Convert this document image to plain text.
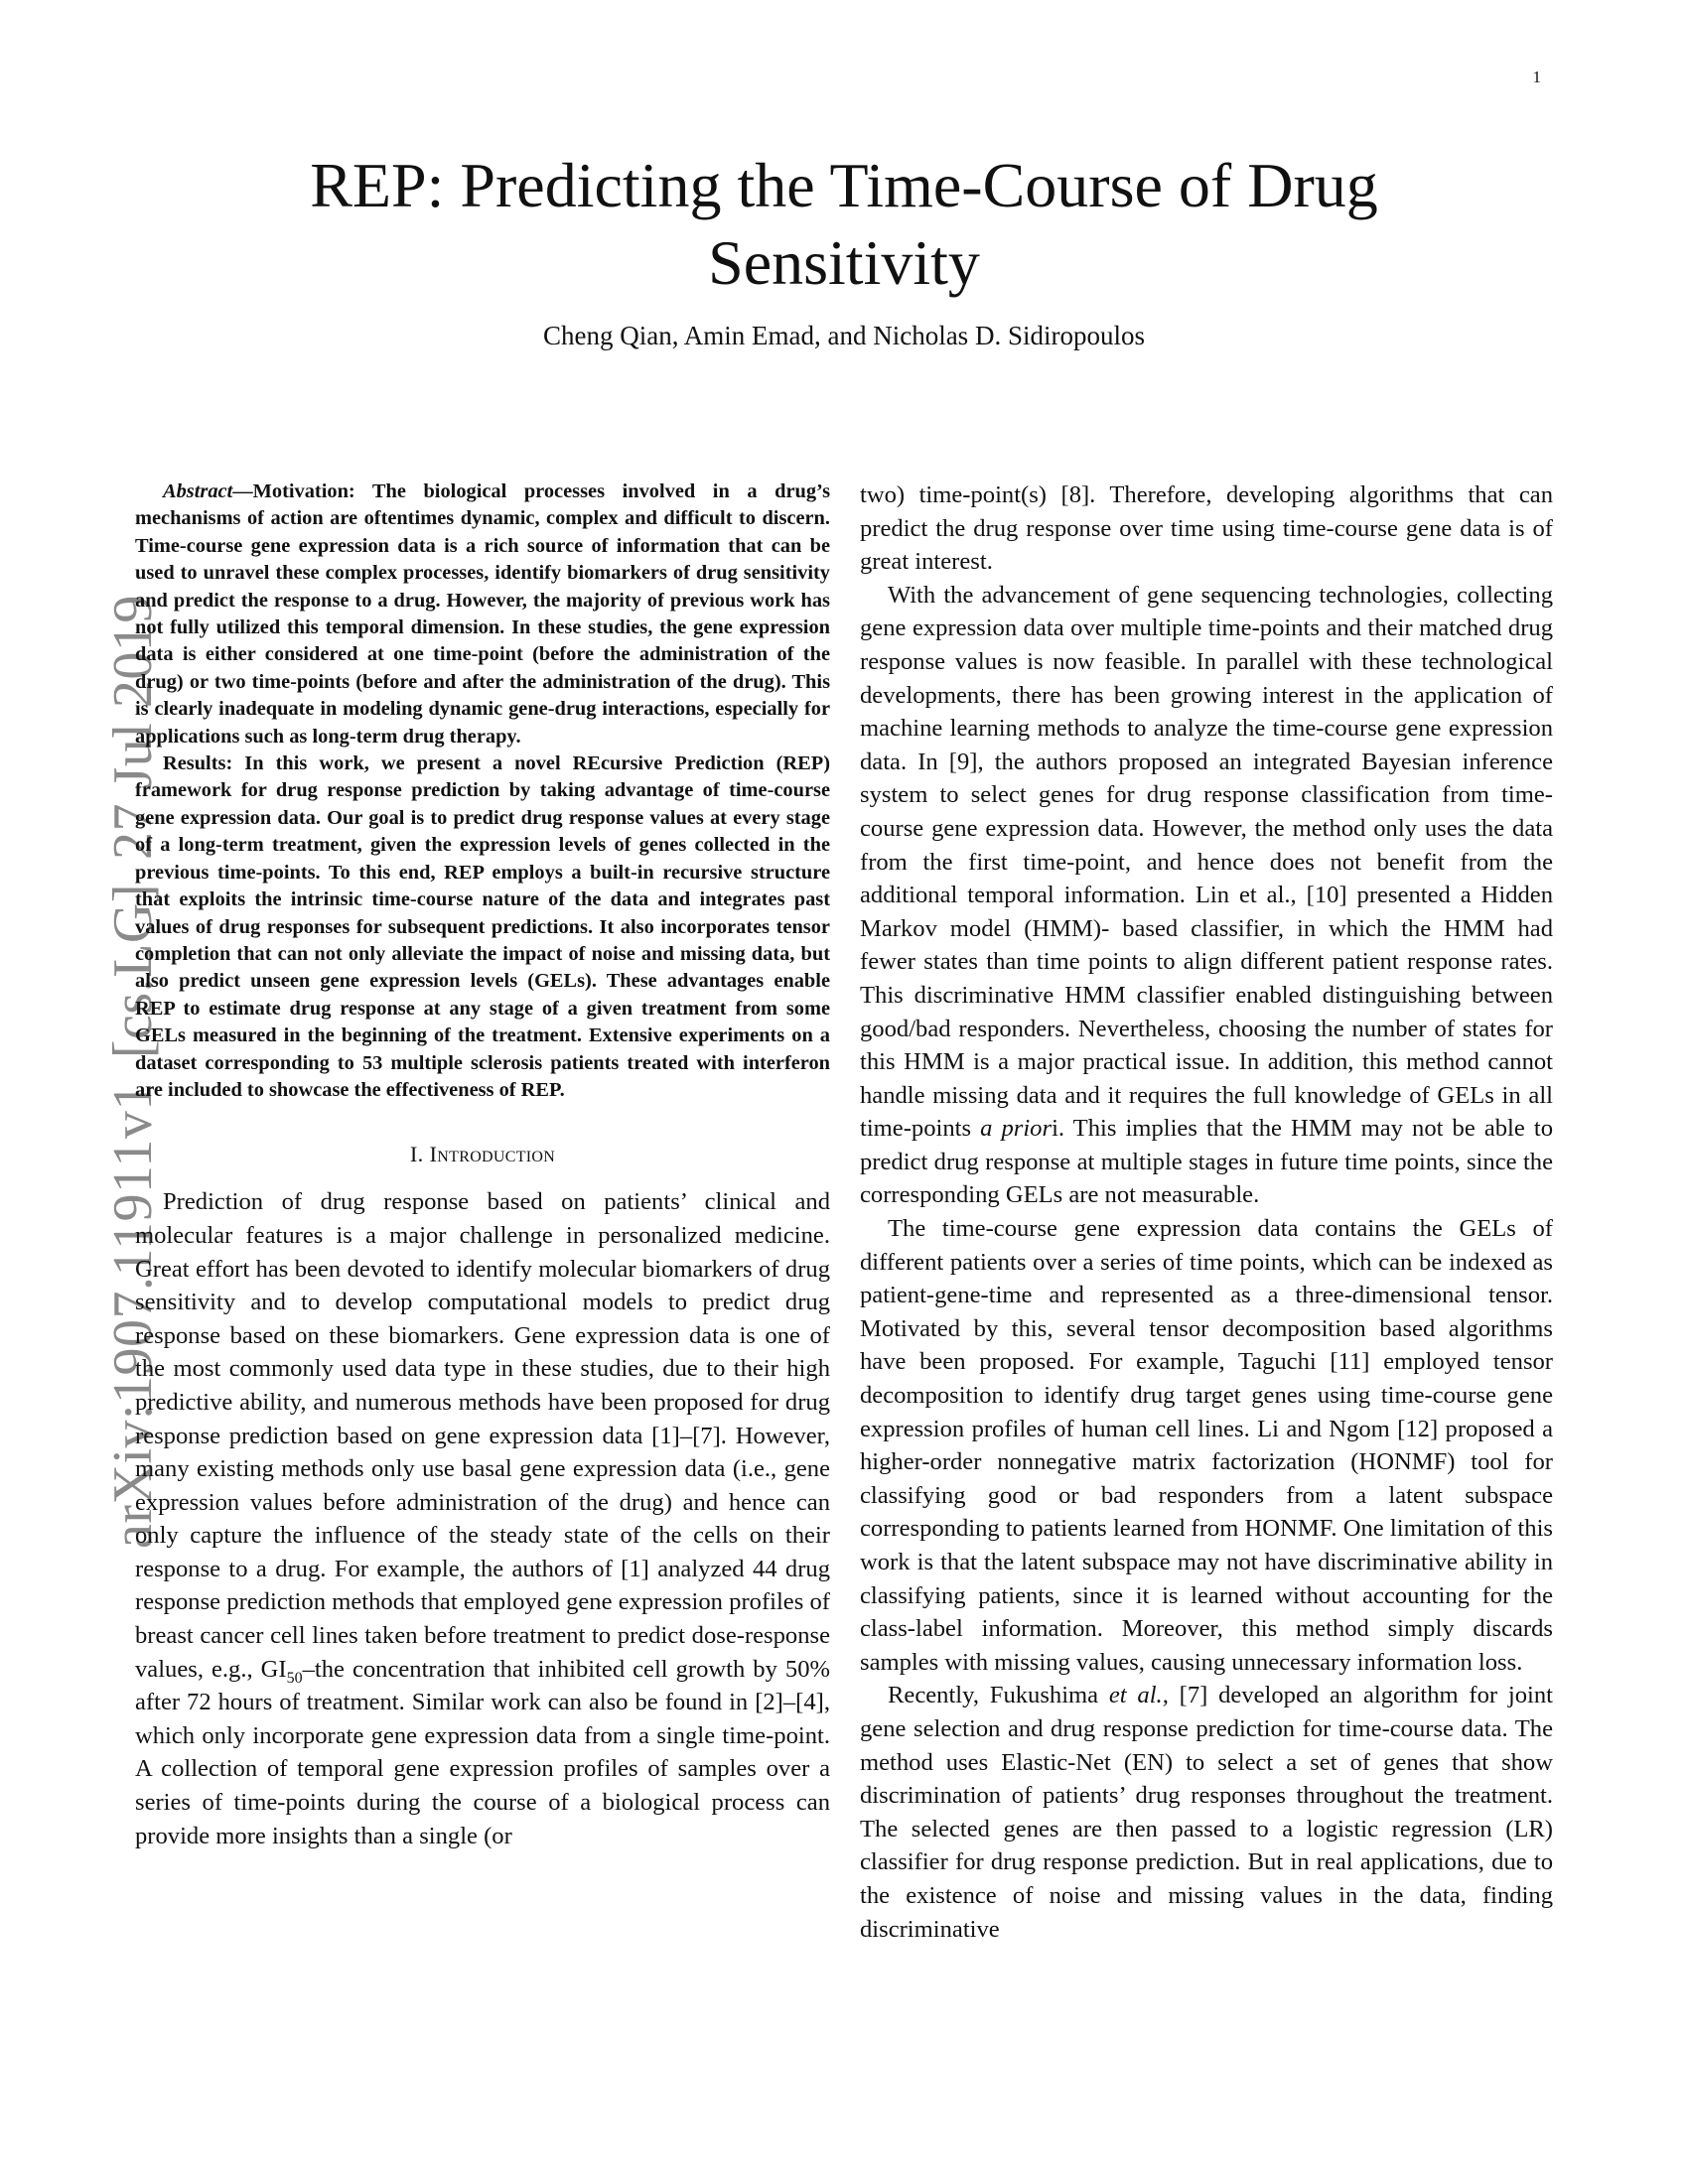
1
arXiv:1907.11911v1[cs.LG]27 Jul 2019
REP: Predicting the Time-Course of Drug Sensitivity
Cheng Qian, Amin Emad, and Nicholas D. Sidiropoulos

Abstract—Motivation: The biological processes involved in a drug’s mechanisms of action are oftentimes dynamic, complex and difficult to discern. Time-course gene expression data is a rich source of information that can be used to unravel these complex processes, identify biomarkers of drug sensitivity and predict the response to a drug. However, the majority of previous work has not fully utilized this temporal dimension. In these studies, the gene expression data is either considered at one time-point (before the administration of the drug) or two time-points (before and after the administration of the drug). This is clearly inadequate in modeling dynamic gene-drug interactions, especially for applications such as long-term drug therapy.

Results: In this work, we present a novel REcursive Prediction (REP) framework for drug response prediction by taking advantage of time-course gene expression data. Our goal is to predict drug response values at every stage of a long-term treatment, given the expression levels of genes collected in the previous time-points. To this end, REP employs a built-in recursive structure that exploits the intrinsic time-course nature of the data and integrates past values of drug responses for subsequent predictions. It also incorporates tensor completion that can not only alleviate the impact of noise and missing data, but also predict unseen gene expression levels (GELs). These advantages enable REP to estimate drug response at any stage of a given treatment from some GELs measured in the beginning of the treatment. Extensive experiments on a dataset corresponding to 53 multiple sclerosis patients treated with interferon are included to showcase the effectiveness of REP.

I. Introduction

Prediction of drug response based on patients’ clinical and molecular features is a major challenge in personalized medicine. Great effort has been devoted to identify molecular biomarkers of drug sensitivity and to develop computational models to predict drug response based on these biomarkers. Gene expression data is one of the most commonly used data type in these studies, due to their high predictive ability, and numerous methods have been proposed for drug response prediction based on gene expression data [1]–[7]. However, many existing methods only use basal gene expression data (i.e., gene expression values before administration of the drug) and hence can only capture the influence of the steady state of the cells on their response to a drug. For example, the authors of [1] analyzed 44 drug response prediction methods that employed gene expression profiles of breast cancer cell lines taken before treatment to predict dose-response values, e.g., $GI_{50}$–the concentration that inhibited cell growth by 50% after 72 hours of treatment. Similar work can also be found in [2]–[4], which only incorporate gene expression data from a single time-point. A collection of temporal gene expression profiles of samples over a series of time-points during the course of a biological process can provide more insights than a single (or

two) time-point(s) [8]. Therefore, developing algorithms that can predict the drug response over time using time-course gene data is of great interest.

With the advancement of gene sequencing technologies, collecting gene expression data over multiple time-points and their matched drug response values is now feasible. In parallel with these technological developments, there has been growing interest in the application of machine learning methods to analyze the time-course gene expression data. In [9], the authors proposed an integrated Bayesian inference system to select genes for drug response classification from time-course gene expression data. However, the method only uses the data from the first time-point, and hence does not benefit from the additional temporal information. Lin et al., [10] presented a Hidden Markov model (HMM)- based classifier, in which the HMM had fewer states than time points to align different patient response rates. This discriminative HMM classifier enabled distinguishing between good/bad responders. Nevertheless, choosing the number of states for this HMM is a major practical issue. In addition, this method cannot handle missing data and it requires the full knowledge of GELs in all time-points a priori. This implies that the HMM may not be able to predict drug response at multiple stages in future time points, since the corresponding GELs are not measurable.

The time-course gene expression data contains the GELs of different patients over a series of time points, which can be indexed as patient-gene-time and represented as a three-dimensional tensor. Motivated by this, several tensor decomposition based algorithms have been proposed. For example, Taguchi [11] employed tensor decomposition to identify drug target genes using time-course gene expression profiles of human cell lines. Li and Ngom [12] proposed a higher-order nonnegative matrix factorization (HONMF) tool for classifying good or bad responders from a latent subspace corresponding to patients learned from HONMF. One limitation of this work is that the latent subspace may not have discriminative ability in classifying patients, since it is learned without accounting for the class-label information. Moreover, this method simply discards samples with missing values, causing unnecessary information loss.

Recently, Fukushima et al., [7] developed an algorithm for joint gene selection and drug response prediction for time-course data. The method uses Elastic-Net (EN) to select a set of genes that show discrimination of patients’ drug responses throughout the treatment. The selected genes are then passed to a logistic regression (LR) classifier for drug response prediction. But in real applications, due to the existence of noise and missing values in the data, finding discriminative
